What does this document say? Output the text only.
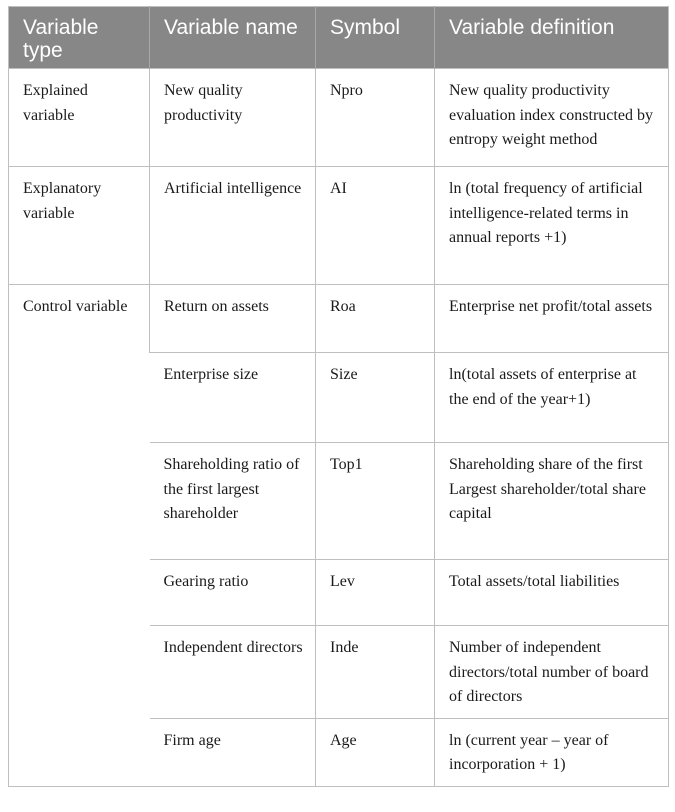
Variable type	Variable name	Symbol	Variable definition
Explained variable	New quality productivity	Npro	New quality productivity evaluation index constructed by entropy weight method
Explanatory variable	Artificial intelligence	AI	ln (total frequency of artificial intelligence-related terms in annual reports +1)
Control variable	Return on assets	Roa	Enterprise net profit/total assets
	Enterprise size	Size	ln(total assets of enterprise at the end of the year+1)
	Shareholding ratio of the first largest shareholder	Top1	Shareholding share of the first Largest shareholder/total share capital
	Gearing ratio	Lev	Total assets/total liabilities
	Independent directors	Inde	Number of independent directors/total number of board of directors
	Firm age	Age	ln (current year – year of incorporation + 1)
